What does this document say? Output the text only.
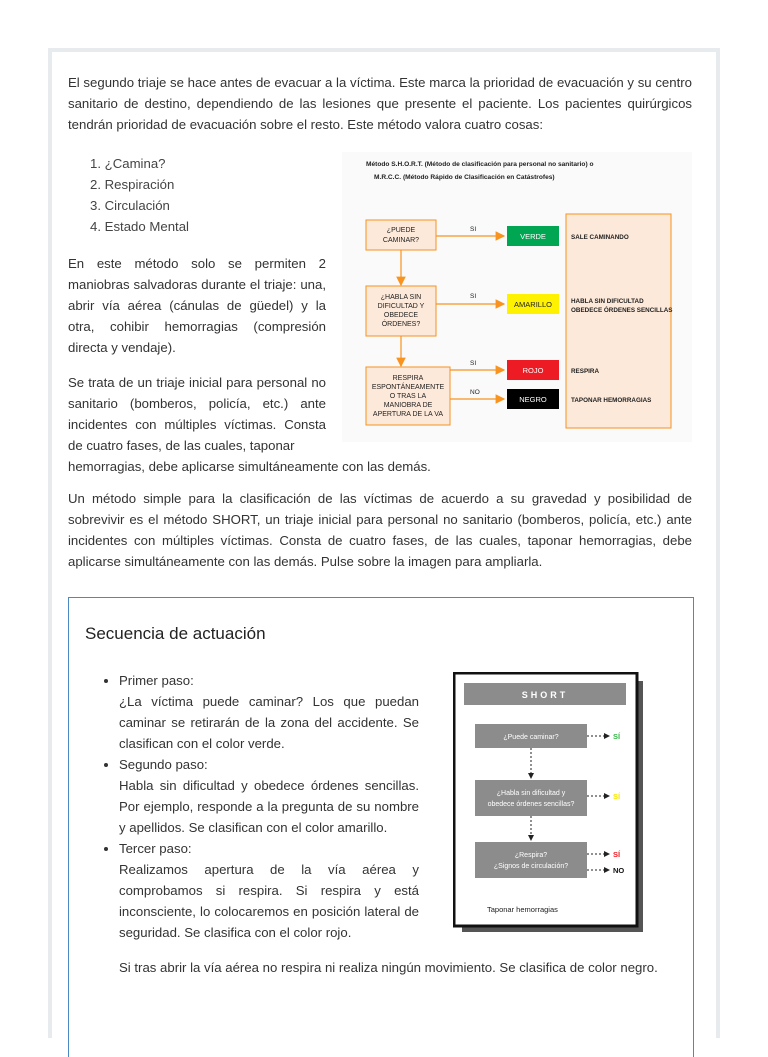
El segundo triaje se hace antes de evacuar a la víctima. Este marca la prioridad de evacuación y su centro sanitario de destino, dependiendo de las lesiones que presente el paciente. Los pacientes quirúrgicos tendrán prioridad de evacuación sobre el resto. Este método valora cuatro cosas:

1. ¿Camina?
2. Respiración
3. Circulación
4. Estado Mental

En este método solo se permiten 2 maniobras salvadoras durante el triaje: una, abrir vía aérea (cánulas de güedel) y la otra, cohibir hemorragias (compresión directa y vendaje).

Se trata de un triaje inicial para personal no sanitario (bomberos, policía, etc.) ante incidentes con múltiples víctimas. Consta de cuatro fases, de las cuales, taponar

hemorragias, debe aplicarse simultáneamente con las demás.

Método S.H.O.R.T. (Método de clasificación para personal no sanitario) o
M.R.C.C. (Método Rápido de Clasificación en Catástrofes)
¿PUEDE
CAMINAR?
¿HABLA SIN
DIFICULTAD Y
OBEDECE
ÓRDENES?
RESPIRA
ESPONTÁNEAMENTE
O TRAS LA
MANIOBRA DE
APERTURA DE LA VA
SI
SI
SI
NO
VERDE
AMARILLO
ROJO
NEGRO
SALE CAMINANDO
HABLA SIN DIFICULTAD
OBEDECE ÓRDENES SENCILLAS
RESPIRA
TAPONAR HEMORRAGIAS

Un método simple para la clasificación de las víctimas de acuerdo a su gravedad y posibilidad de sobrevivir es el método SHORT, un triaje inicial para personal no sanitario (bomberos, policía, etc.) ante incidentes con múltiples víctimas. Consta de cuatro fases, de las cuales, taponar hemorragias, debe aplicarse simultáneamente con las demás. Pulse sobre la imagen para ampliarla.

Secuencia de actuación
• Primer paso:
¿La víctima puede caminar? Los que puedan caminar se retirarán de la zona del accidente. Se clasifican con el color verde.
• Segundo paso:
Habla sin dificultad y obedece órdenes sencillas. Por ejemplo, responde a la pregunta de su nombre y apellidos. Se clasifican con el color amarillo.
• Tercer paso:
Realizamos apertura de la vía aérea y comprobamos si respira. Si respira y está inconsciente, lo colocaremos en posición lateral de seguridad. Se clasifica con el color rojo.

Si tras abrir la vía aérea no respira ni realiza ningún movimiento. Se clasifica de color negro.

SHORT
¿Puede caminar?
¿Habla sin dificultad y
obedece órdenes sencillas?
¿Respira?
¿Signos de circulación?
SÍ
SÍ
SÍ
NO
Taponar hemorragias
